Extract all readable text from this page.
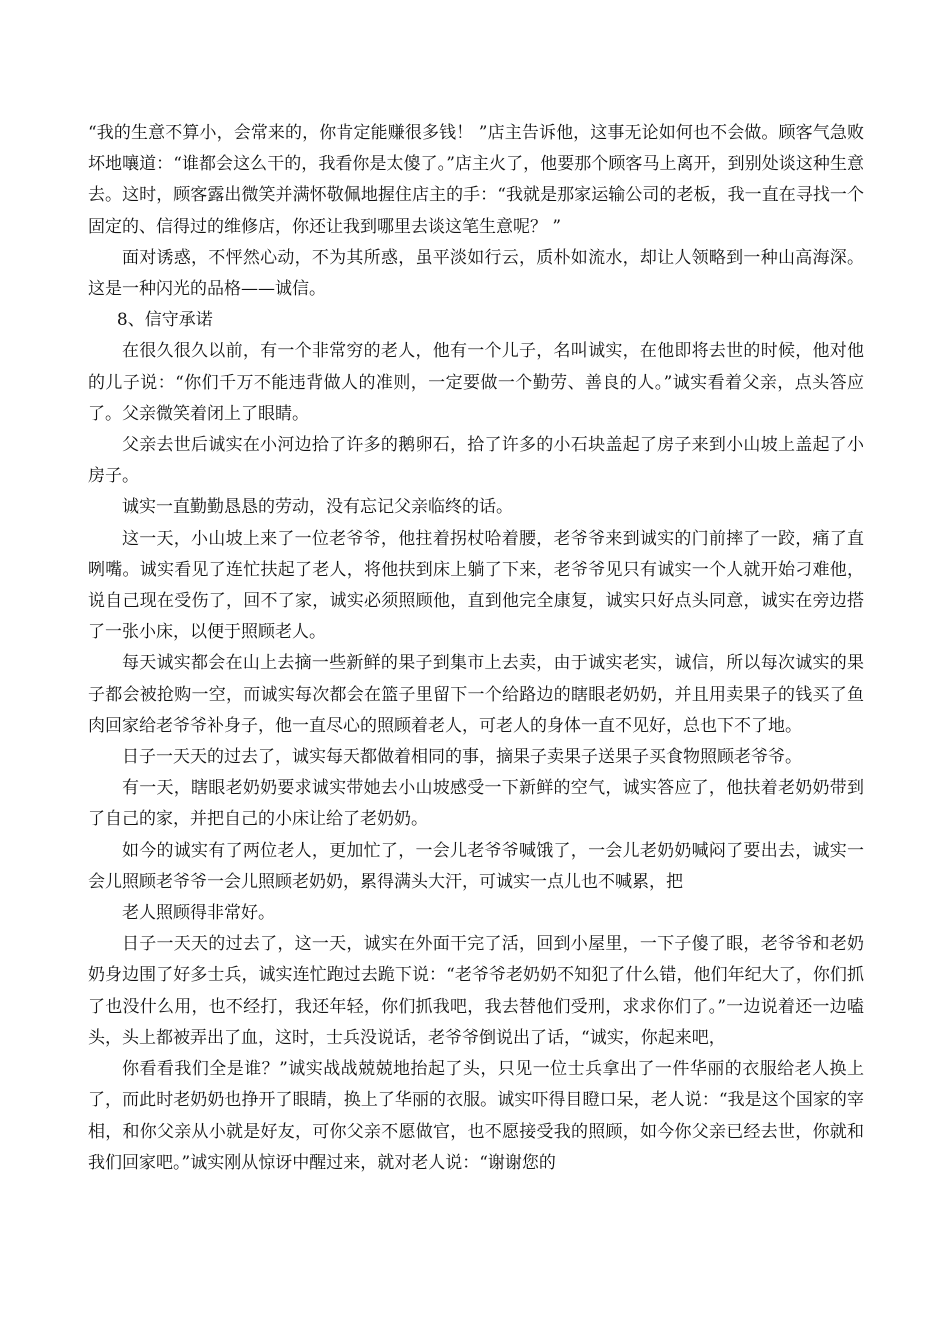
“我的生意不算小，会常来的，你肯定能赚很多钱！ ”店主告诉他，这事无论如何也不会做。顾客气急败坏地嚷道：“谁都会这么干的，我看你是太傻了。”店主火了，他要那个顾客马上离开，到别处谈这种生意去。这时，顾客露出微笑并满怀敬佩地握住店主的手：“我就是那家运输公司的老板，我一直在寻找一个固定的、信得过的维修店，你还让我到哪里去谈这笔生意呢？ ”

面对诱惑，不怦然心动，不为其所惑，虽平淡如行云，质朴如流水，却让人领略到一种山高海深。这是一种闪光的品格——诚信。

8、信守承诺

在很久很久以前，有一个非常穷的老人，他有一个儿子，名叫诚实，在他即将去世的时候，他对他的儿子说：“你们千万不能违背做人的准则，一定要做一个勤劳、善良的人。”诚实看着父亲，点头答应了。父亲微笑着闭上了眼睛。

父亲去世后诚实在小河边拾了许多的鹅卵石，拾了许多的小石块盖起了房子来到小山坡上盖起了小房子。

诚实一直勤勤恳恳的劳动，没有忘记父亲临终的话。

这一天，小山坡上来了一位老爷爷，他拄着拐杖哈着腰，老爷爷来到诚实的门前摔了一跤，痛了直咧嘴。诚实看见了连忙扶起了老人，将他扶到床上躺了下来，老爷爷见只有诚实一个人就开始刁难他，说自己现在受伤了，回不了家，诚实必须照顾他，直到他完全康复，诚实只好点头同意，诚实在旁边搭了一张小床，以便于照顾老人。

每天诚实都会在山上去摘一些新鲜的果子到集市上去卖，由于诚实老实，诚信，所以每次诚实的果子都会被抢购一空，而诚实每次都会在篮子里留下一个给路边的瞎眼老奶奶，并且用卖果子的钱买了鱼肉回家给老爷爷补身子，他一直尽心的照顾着老人，可老人的身体一直不见好，总也下不了地。

日子一天天的过去了，诚实每天都做着相同的事，摘果子卖果子送果子买食物照顾老爷爷。

有一天，瞎眼老奶奶要求诚实带她去小山坡感受一下新鲜的空气，诚实答应了，他扶着老奶奶带到了自己的家，并把自己的小床让给了老奶奶。

如今的诚实有了两位老人，更加忙了，一会儿老爷爷喊饿了，一会儿老奶奶喊闷了要出去，诚实一会儿照顾老爷爷一会儿照顾老奶奶，累得满头大汗，可诚实一点儿也不喊累，把

老人照顾得非常好。

日子一天天的过去了，这一天，诚实在外面干完了活，回到小屋里，一下子傻了眼，老爷爷和老奶奶身边围了好多士兵，诚实连忙跑过去跪下说：“老爷爷老奶奶不知犯了什么错，他们年纪大了，你们抓了也没什么用，也不经打，我还年轻，你们抓我吧，我去替他们受刑，求求你们了。”一边说着还一边嗑头，头上都被弄出了血，这时，士兵没说话，老爷爷倒说出了话，“诚实，你起来吧，

你看看我们全是谁？”诚实战战兢兢地抬起了头，只见一位士兵拿出了一件华丽的衣服给老人换上了，而此时老奶奶也挣开了眼睛，换上了华丽的衣服。诚实吓得目瞪口呆，老人说：“我是这个国家的宰相，和你父亲从小就是好友，可你父亲不愿做官，也不愿接受我的照顾，如今你父亲已经去世，你就和我们回家吧。”诚实刚从惊讶中醒过来，就对老人说：“谢谢您的
